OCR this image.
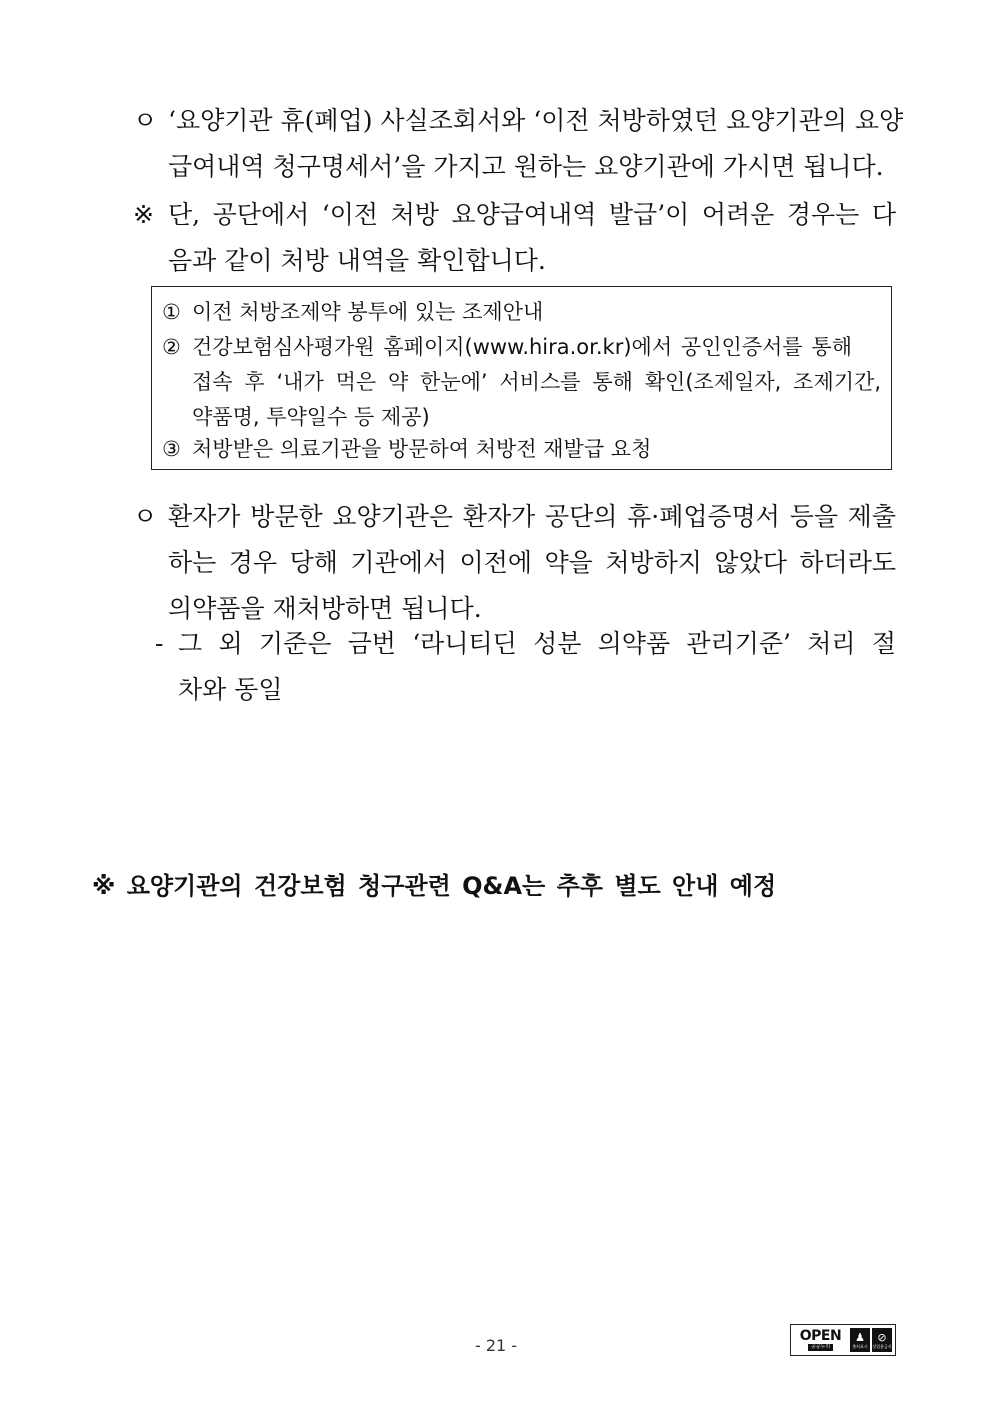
ㅇ ‘요양기관 휴(폐업) 사실조회서와 ‘이전 처방하였던 요양기관의 요양
급여내역 청구명세서’을 가지고 원하는 요양기관에 가시면 됩니다.
※ 단, 공단에서 ‘이전 처방 요양급여내역 발급’이 어려운 경우는 다
음과 같이 처방 내역을 확인합니다.
① 이전 처방조제약 봉투에 있는 조제안내
② 건강보험심사평가원 홈페이지(www.hira.or.kr)에서 공인인증서를 통해
접속 후 ‘내가 먹은 약 한눈에’ 서비스를 통해 확인(조제일자, 조제기간,
약품명, 투약일수 등 제공)
③ 처방받은 의료기관을 방문하여 처방전 재발급 요청
ㅇ 환자가 방문한 요양기관은 환자가 공단의 휴·폐업증명서 등을 제출
하는 경우 당해 기관에서 이전에 약을 처방하지 않았다 하더라도
의약품을 재처방하면 됩니다.
- 그 외 기준은 금번 ‘라니티딘 성분 의약품 관리기준’ 처리 절
차와 동일
※ 요양기관의 건강보험 청구관련 Q&A는 추후 별도 안내 예정
- 21 -	OPEN
공공누리
♟
출처표시
⊘
상업용금지
